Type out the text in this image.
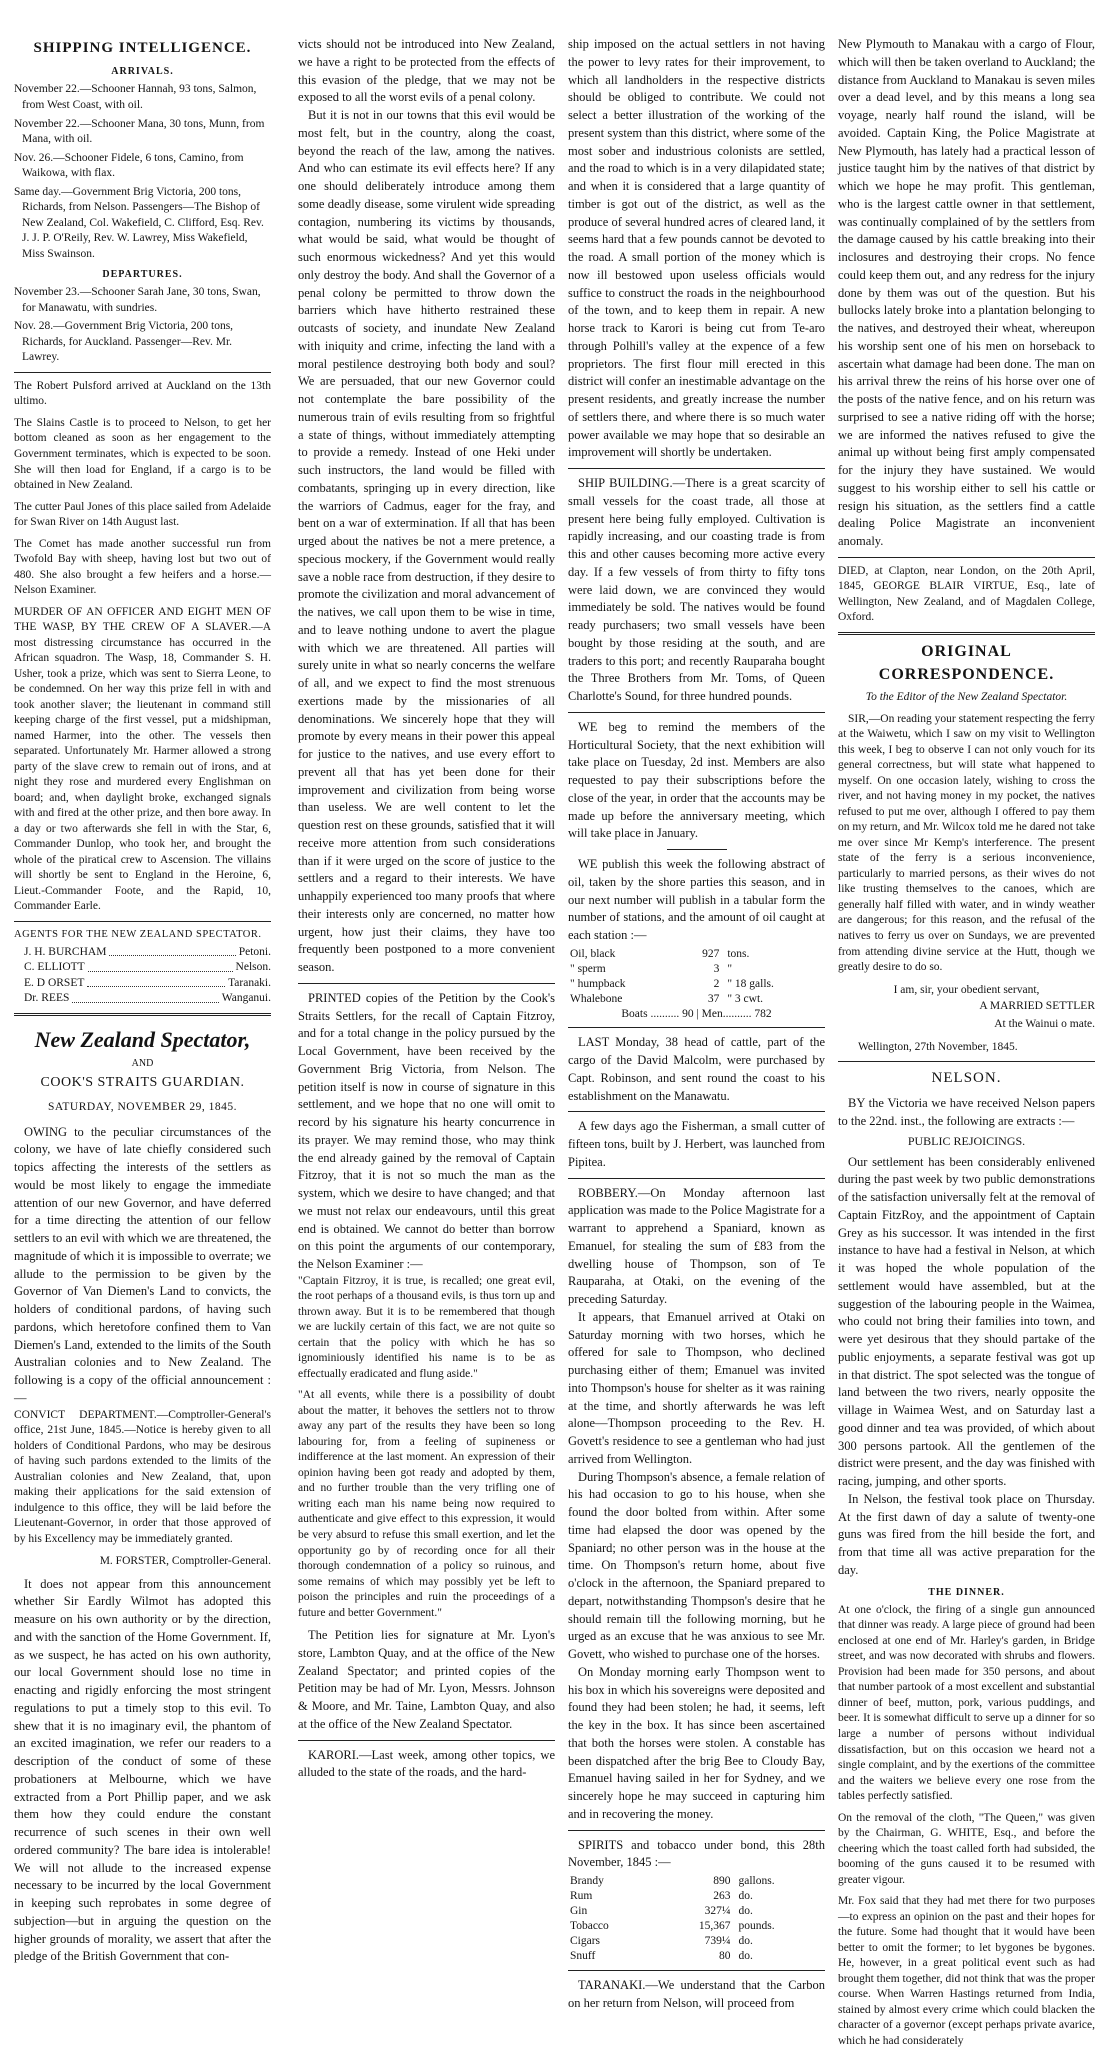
SHIPPING INTELLIGENCE.
ARRIVALS.
November 22.—Schooner Hannah, 93 tons, Salmon, from West Coast, with oil.
November 22.—Schooner Mana, 30 tons, Munn, from Mana, with oil.
Nov. 26.—Schooner Fidele, 6 tons, Camino, from Waikowa, with flax.
Same day.—Government Brig Victoria, 200 tons, Richards, from Nelson. Passengers—The Bishop of New Zealand, Col. Wakefield, C. Clifford, Esq. Rev. J. J. P. O'Reily, Rev. W. Lawrey, Miss Wakefield, Miss Swainson.
DEPARTURES.
November 23.—Schooner Sarah Jane, 30 tons, Swan, for Manawatu, with sundries.
Nov. 28.—Government Brig Victoria, 200 tons, Richards, for Auckland. Passenger—Rev. Mr. Lawrey.

The Robert Pulsford arrived at Auckland on the 13th ultimo.

The Slains Castle is to proceed to Nelson, to get her bottom cleaned as soon as her engagement to the Government terminates, which is expected to be soon. She will then load for England, if a cargo is to be obtained in New Zealand.

The cutter Paul Jones of this place sailed from Adelaide for Swan River on 14th August last.

The Comet has made another successful run from Twofold Bay with sheep, having lost but two out of 480. She also brought a few heifers and a horse.—Nelson Examiner.

MURDER OF AN OFFICER AND EIGHT MEN OF THE WASP, BY THE CREW OF A SLAVER.—A most distressing circumstance has occurred in the African squadron. The Wasp, 18, Commander S. H. Usher, took a prize, which was sent to Sierra Leone, to be condemned. On her way this prize fell in with and took another slaver; the lieutenant in command still keeping charge of the first vessel, put a midshipman, named Harmer, into the other. The vessels then separated. Unfortunately Mr. Harmer allowed a strong party of the slave crew to remain out of irons, and at night they rose and murdered every Englishman on board; and, when daylight broke, exchanged signals with and fired at the other prize, and then bore away. In a day or two afterwards she fell in with the Star, 6, Commander Dunlop, who took her, and brought the whole of the piratical crew to Ascension. The villains will shortly be sent to England in the Heroine, 6, Lieut.-Commander Foote, and the Rapid, 10, Commander Earle.

AGENTS FOR THE NEW ZEALAND SPECTATOR.
J. H. BURCHAM	Petoni.
C. ELLIOTT	Nelson.
E. D ORSET	Taranaki.
Dr. REES	Wanganui.
New Zealand Spectator,
AND
COOK'S STRAITS GUARDIAN.
SATURDAY, NOVEMBER 29, 1845.

OWING to the peculiar circumstances of the colony, we have of late chiefly considered such topics affecting the interests of the settlers as would be most likely to engage the immediate attention of our new Governor, and have deferred for a time directing the attention of our fellow settlers to an evil with which we are threatened, the magnitude of which it is impossible to overrate; we allude to the permission to be given by the Governor of Van Diemen's Land to convicts, the holders of conditional pardons, of having such pardons, which heretofore confined them to Van Diemen's Land, extended to the limits of the South Australian colonies and to New Zealand. The following is a copy of the official announcement :—

CONVICT DEPARTMENT.—Comptroller-General's office, 21st June, 1845.—Notice is hereby given to all holders of Conditional Pardons, who may be desirous of having such pardons extended to the limits of the Australian colonies and New Zealand, that, upon making their applications for the said extension of indulgence to this office, they will be laid before the Lieutenant-Governor, in order that those approved of by his Excellency may be immediately granted.

M. FORSTER, Comptroller-General.

It does not appear from this announcement whether Sir Eardly Wilmot has adopted this measure on his own authority or by the direction, and with the sanction of the Home Government. If, as we suspect, he has acted on his own authority, our local Government should lose no time in enacting and rigidly enforcing the most stringent regulations to put a timely stop to this evil. To shew that it is no imaginary evil, the phantom of an excited imagination, we refer our readers to a description of the conduct of some of these probationers at Melbourne, which we have extracted from a Port Phillip paper, and we ask them how they could endure the constant recurrence of such scenes in their own well ordered community? The bare idea is intolerable! We will not allude to the increased expense necessary to be incurred by the local Government in keeping such reprobates in some degree of subjection—but in arguing the question on the higher grounds of morality, we assert that after the pledge of the British Government that con-

victs should not be introduced into New Zealand, we have a right to be protected from the effects of this evasion of the pledge, that we may not be exposed to all the worst evils of a penal colony.

But it is not in our towns that this evil would be most felt, but in the country, along the coast, beyond the reach of the law, among the natives. And who can estimate its evil effects here? If any one should deliberately introduce among them some deadly disease, some virulent wide spreading contagion, numbering its victims by thousands, what would be said, what would be thought of such enormous wickedness? And yet this would only destroy the body. And shall the Governor of a penal colony be permitted to throw down the barriers which have hitherto restrained these outcasts of society, and inundate New Zealand with iniquity and crime, infecting the land with a moral pestilence destroying both body and soul? We are persuaded, that our new Governor could not contemplate the bare possibility of the numerous train of evils resulting from so frightful a state of things, without immediately attempting to provide a remedy. Instead of one Heki under such instructors, the land would be filled with combatants, springing up in every direction, like the warriors of Cadmus, eager for the fray, and bent on a war of extermination. If all that has been urged about the natives be not a mere pretence, a specious mockery, if the Government would really save a noble race from destruction, if they desire to promote the civilization and moral advancement of the natives, we call upon them to be wise in time, and to leave nothing undone to avert the plague with which we are threatened. All parties will surely unite in what so nearly concerns the welfare of all, and we expect to find the most strenuous exertions made by the missionaries of all denominations. We sincerely hope that they will promote by every means in their power this appeal for justice to the natives, and use every effort to prevent all that has yet been done for their improvement and civilization from being worse than useless. We are well content to let the question rest on these grounds, satisfied that it will receive more attention from such considerations than if it were urged on the score of justice to the settlers and a regard to their interests. We have unhappily experienced too many proofs that where their interests only are concerned, no matter how urgent, how just their claims, they have too frequently been postponed to a more convenient season.

PRINTED copies of the Petition by the Cook's Straits Settlers, for the recall of Captain Fitzroy, and for a total change in the policy pursued by the Local Government, have been received by the Government Brig Victoria, from Nelson. The petition itself is now in course of signature in this settlement, and we hope that no one will omit to record by his signature his hearty concurrence in its prayer. We may remind those, who may think the end already gained by the removal of Captain Fitzroy, that it is not so much the man as the system, which we desire to have changed; and that we must not relax our endeavours, until this great end is obtained. We cannot do better than borrow on this point the arguments of our contemporary, the Nelson Examiner :—

"Captain Fitzroy, it is true, is recalled; one great evil, the root perhaps of a thousand evils, is thus torn up and thrown away. But it is to be remembered that though we are luckily certain of this fact, we are not quite so certain that the policy with which he has so ignominiously identified his name is to be as effectually eradicated and flung aside."

"At all events, while there is a possibility of doubt about the matter, it behoves the settlers not to throw away any part of the results they have been so long labouring for, from a feeling of supineness or indifference at the last moment. An expression of their opinion having been got ready and adopted by them, and no further trouble than the very trifling one of writing each man his name being now required to authenticate and give effect to this expression, it would be very absurd to refuse this small exertion, and let the opportunity go by of recording once for all their thorough condemnation of a policy so ruinous, and some remains of which may possibly yet be left to poison the principles and ruin the proceedings of a future and better Government."

The Petition lies for signature at Mr. Lyon's store, Lambton Quay, and at the office of the New Zealand Spectator; and printed copies of the Petition may be had of Mr. Lyon, Messrs. Johnson & Moore, and Mr. Taine, Lambton Quay, and also at the office of the New Zealand Spectator.

KARORI.—Last week, among other topics, we alluded to the state of the roads, and the hard-

ship imposed on the actual settlers in not having the power to levy rates for their improvement, to which all landholders in the respective districts should be obliged to contribute. We could not select a better illustration of the working of the present system than this district, where some of the most sober and industrious colonists are settled, and the road to which is in a very dilapidated state; and when it is considered that a large quantity of timber is got out of the district, as well as the produce of several hundred acres of cleared land, it seems hard that a few pounds cannot be devoted to the road. A small portion of the money which is now ill bestowed upon useless officials would suffice to construct the roads in the neighbourhood of the town, and to keep them in repair. A new horse track to Karori is being cut from Te-aro through Polhill's valley at the expence of a few proprietors. The first flour mill erected in this district will confer an inestimable advantage on the present residents, and greatly increase the number of settlers there, and where there is so much water power available we may hope that so desirable an improvement will shortly be undertaken.

SHIP BUILDING.—There is a great scarcity of small vessels for the coast trade, all those at present here being fully employed. Cultivation is rapidly increasing, and our coasting trade is from this and other causes becoming more active every day. If a few vessels of from thirty to fifty tons were laid down, we are convinced they would immediately be sold. The natives would be found ready purchasers; two small vessels have been bought by those residing at the south, and are traders to this port; and recently Rauparaha bought the Three Brothers from Mr. Toms, of Queen Charlotte's Sound, for three hundred pounds.

WE beg to remind the members of the Horticultural Society, that the next exhibition will take place on Tuesday, 2d inst. Members are also requested to pay their subscriptions before the close of the year, in order that the accounts may be made up before the anniversary meeting, which will take place in January.

WE publish this week the following abstract of oil, taken by the shore parties this season, and in our next number will publish in a tabular form the number of stations, and the amount of oil caught at each station :—

Oil, black	927	tons.
" sperm	3	"
" humpback	2	" 18 galls.
Whalebone	37	" 3 cwt.
Boats .......... 90 | Men.......... 782		

LAST Monday, 38 head of cattle, part of the cargo of the David Malcolm, were purchased by Capt. Robinson, and sent round the coast to his establishment on the Manawatu.

A few days ago the Fisherman, a small cutter of fifteen tons, built by J. Herbert, was launched from Pipitea.

ROBBERY.—On Monday afternoon last application was made to the Police Magistrate for a warrant to apprehend a Spaniard, known as Emanuel, for stealing the sum of £83 from the dwelling house of Thompson, son of Te Rauparaha, at Otaki, on the evening of the preceding Saturday.

It appears, that Emanuel arrived at Otaki on Saturday morning with two horses, which he offered for sale to Thompson, who declined purchasing either of them; Emanuel was invited into Thompson's house for shelter as it was raining at the time, and shortly afterwards he was left alone—Thompson proceeding to the Rev. H. Govett's residence to see a gentleman who had just arrived from Wellington.

During Thompson's absence, a female relation of his had occasion to go to his house, when she found the door bolted from within. After some time had elapsed the door was opened by the Spaniard; no other person was in the house at the time. On Thompson's return home, about five o'clock in the afternoon, the Spaniard prepared to depart, notwithstanding Thompson's desire that he should remain till the following morning, but he urged as an excuse that he was anxious to see Mr. Govett, who wished to purchase one of the horses.

On Monday morning early Thompson went to his box in which his sovereigns were deposited and found they had been stolen; he had, it seems, left the key in the box. It has since been ascertained that both the horses were stolen. A constable has been dispatched after the brig Bee to Cloudy Bay, Emanuel having sailed in her for Sydney, and we sincerely hope he may succeed in capturing him and in recovering the money.

SPIRITS and tobacco under bond, this 28th November, 1845 :—

Brandy	890	gallons.
Rum	263	do.
Gin	327¼	do.
Tobacco	15,367	pounds.
Cigars	739¼	do.
Snuff	80	do.

TARANAKI.—We understand that the Carbon on her return from Nelson, will proceed from

New Plymouth to Manakau with a cargo of Flour, which will then be taken overland to Auckland; the distance from Auckland to Manakau is seven miles over a dead level, and by this means a long sea voyage, nearly half round the island, will be avoided. Captain King, the Police Magistrate at New Plymouth, has lately had a practical lesson of justice taught him by the natives of that district by which we hope he may profit. This gentleman, who is the largest cattle owner in that settlement, was continually complained of by the settlers from the damage caused by his cattle breaking into their inclosures and destroying their crops. No fence could keep them out, and any redress for the injury done by them was out of the question. But his bullocks lately broke into a plantation belonging to the natives, and destroyed their wheat, whereupon his worship sent one of his men on horseback to ascertain what damage had been done. The man on his arrival threw the reins of his horse over one of the posts of the native fence, and on his return was surprised to see a native riding off with the horse; we are informed the natives refused to give the animal up without being first amply compensated for the injury they have sustained. We would suggest to his worship either to sell his cattle or resign his situation, as the settlers find a cattle dealing Police Magistrate an inconvenient anomaly.

DIED, at Clapton, near London, on the 20th April, 1845, GEORGE BLAIR VIRTUE, Esq., late of Wellington, New Zealand, and of Magdalen College, Oxford.

ORIGINAL CORRESPONDENCE.

To the Editor of the New Zealand Spectator.

SIR,—On reading your statement respecting the ferry at the Waiwetu, which I saw on my visit to Wellington this week, I beg to observe I can not only vouch for its general correctness, but will state what happened to myself. On one occasion lately, wishing to cross the river, and not having money in my pocket, the natives refused to put me over, although I offered to pay them on my return, and Mr. Wilcox told me he dared not take me over since Mr Kemp's interference. The present state of the ferry is a serious inconvenience, particularly to married persons, as their wives do not like trusting themselves to the canoes, which are generally half filled with water, and in windy weather are dangerous; for this reason, and the refusal of the natives to ferry us over on Sundays, we are prevented from attending divine service at the Hutt, though we greatly desire to do so.

I am, sir, your obedient servant,
A MARRIED SETTLER
At the Wainui o mate.
Wellington, 27th November, 1845.
NELSON.

BY the Victoria we have received Nelson papers to the 22nd. inst., the following are extracts :—

PUBLIC REJOICINGS.

Our settlement has been considerably enlivened during the past week by two public demonstrations of the satisfaction universally felt at the removal of Captain FitzRoy, and the appointment of Captain Grey as his successor. It was intended in the first instance to have had a festival in Nelson, at which it was hoped the whole population of the settlement would have assembled, but at the suggestion of the labouring people in the Waimea, who could not bring their families into town, and were yet desirous that they should partake of the public enjoyments, a separate festival was got up in that district. The spot selected was the tongue of land between the two rivers, nearly opposite the village in Waimea West, and on Saturday last a good dinner and tea was provided, of which about 300 persons partook. All the gentlemen of the district were present, and the day was finished with racing, jumping, and other sports.

In Nelson, the festival took place on Thursday. At the first dawn of day a salute of twenty-one guns was fired from the hill beside the fort, and from that time all was active preparation for the day.

THE DINNER.

At one o'clock, the firing of a single gun announced that dinner was ready. A large piece of ground had been enclosed at one end of Mr. Harley's garden, in Bridge street, and was now decorated with shrubs and flowers. Provision had been made for 350 persons, and about that number partook of a most excellent and substantial dinner of beef, mutton, pork, various puddings, and beer. It is somewhat difficult to serve up a dinner for so large a number of persons without individual dissatisfaction, but on this occasion we heard not a single complaint, and by the exertions of the committee and the waiters we believe every one rose from the tables perfectly satisfied.

On the removal of the cloth, "The Queen," was given by the Chairman, G. WHITE, Esq., and before the cheering which the toast called forth had subsided, the booming of the guns caused it to be resumed with greater vigour.

Mr. Fox said that they had met there for two purposes—to express an opinion on the past and their hopes for the future. Some had thought that it would have been better to omit the former; to let bygones be bygones. He, however, in a great political event such as had brought them together, did not think that was the proper course. When Warren Hastings returned from India, stained by almost every crime which could blacken the character of a governor (except perhaps private avarice, which he had considerately
